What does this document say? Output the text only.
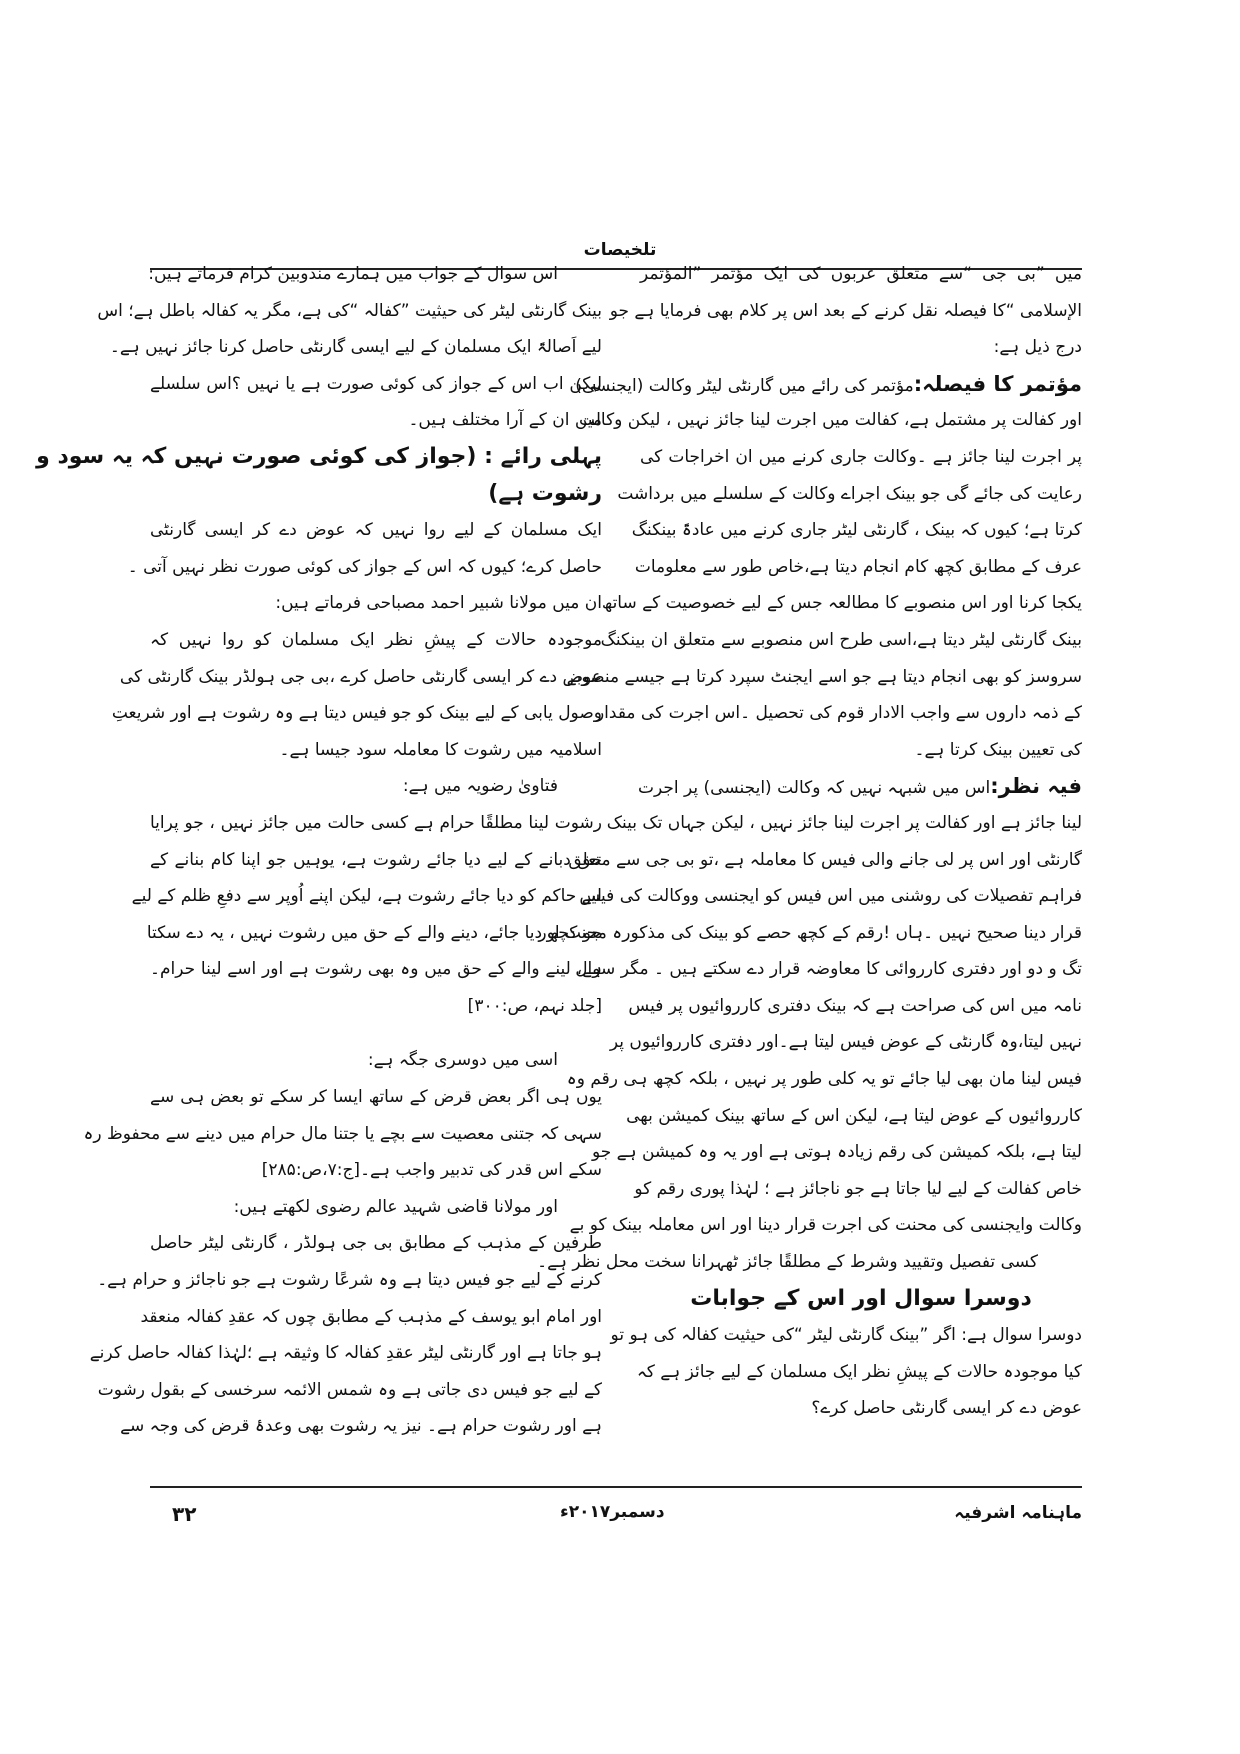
تلخیصات
میں ”بی جی “سے متعلق عربوں کی ایک مؤتمر ”المؤتمر
الإسلامی “کا فیصلہ نقل کرنے کے بعد اس پر کلام بھی فرمایا ہے جو
درج ذیل ہے:
مؤتمر کا فیصلہ:مؤتمر کی رائے میں گارنٹی لیٹر وکالت (ایجنسی)
اور کفالت پر مشتمل ہے، کفالت میں اجرت لینا جائز نہیں ، لیکن وکالت
پر اجرت لینا جائز ہے ۔وکالت جاری کرنے میں ان اخراجات کی
رعایت کی جائے گی جو بینک اجراے وکالت کے سلسلے میں برداشت
کرتا ہے؛ کیوں کہ بینک ، گارنٹی لیٹر جاری کرنے میں عادۃً بینکنگ
عرف کے مطابق کچھ کام انجام دیتا ہے،خاص طور سے معلومات
یکجا کرنا اور اس منصوبے کا مطالعہ جس کے لیے خصوصیت کے ساتھ
بینک گارنٹی لیٹر دیتا ہے،اسی طرح اس منصوبے سے متعلق ان بینکنگ
سروسز کو بھی انجام دیتا ہے جو اسے ایجنٹ سپرد کرتا ہے جیسے منصوبے
کے ذمہ داروں سے واجب الادار قوم کی تحصیل ۔اس اجرت کی مقدار
کی تعیین بینک کرتا ہے۔
فیہ نظر:اس میں شبہہ نہیں کہ وکالت (ایجنسی) پر اجرت
لینا جائز ہے اور کفالت پر اجرت لینا جائز نہیں ، لیکن جہاں تک بینک
گارنٹی اور اس پر لی جانے والی فیس کا معاملہ ہے ،تو بی جی سے متعلق
فراہم تفصیلات کی روشنی میں اس فیس کو ایجنسی ووکالت کی فیس
قرار دینا صحیح نہیں ۔ہاں !رقم کے کچھ حصے کو بینک کی مذکورہ محنت اور
تگ و دو اور دفتری کارروائی کا معاوضہ قرار دے سکتے ہیں ۔ مگر سوال
نامہ میں اس کی صراحت ہے کہ بینک دفتری کارروائیوں پر فیس
نہیں لیتا،وہ گارنٹی کے عوض فیس لیتا ہے۔اور دفتری کارروائیوں پر
فیس لینا مان بھی لیا جائے تو یہ کلی طور پر نہیں ، بلکہ کچھ ہی رقم وہ
کارروائیوں کے عوض لیتا ہے، لیکن اس کے ساتھ بینک کمیشن بھی
لیتا ہے، بلکہ کمیشن کی رقم زیادہ ہوتی ہے اور یہ وہ کمیشن ہے جو
خاص کفالت کے لیے لیا جاتا ہے جو ناجائز ہے ؛ لہٰذا پوری رقم کو
وکالت وایجنسی کی محنت کی اجرت قرار دینا اور اس معاملہ بینک کو بے
کسی تفصیل وتقیید وشرط کے مطلقًا جائز ٹھہرانا سخت محل نظر ہے۔
دوسرا سوال اور اس کے جوابات
دوسرا سوال ہے: اگر ”بینک گارنٹی لیٹر “کی حیثیت کفالہ کی ہو تو
کیا موجودہ حالات کے پیشِ نظر ایک مسلمان کے لیے جائز ہے کہ
عوض دے کر ایسی گارنٹی حاصل کرے؟
اس سوال کے جواب میں ہمارے مندوبین کرام فرماتے ہیں:
بینک گارنٹی لیٹر کی حیثیت ”کفالہ “کی ہے، مگر یہ کفالہ باطل ہے؛ اس
لیے اَصالۃً ایک مسلمان کے لیے ایسی گارنٹی حاصل کرنا جائز نہیں ہے۔
لیکن اب اس کے جواز کی کوئی صورت ہے یا نہیں ؟اس سلسلے
میں ان کے آرا مختلف ہیں۔
پہلی رائے : (جواز کی کوئی صورت نہیں کہ یہ سود و
رشوت ہے)
ایک مسلمان کے لیے روا نہیں کہ عوض دے کر ایسی گارنٹی
حاصل کرے؛ کیوں کہ اس کے جواز کی کوئی صورت نظر نہیں آتی ۔
ان میں مولانا شبیر احمد مصباحی فرماتے ہیں:
موجودہ حالات کے پیشِ نظر ایک مسلمان کو روا نہیں کہ
عوض دے کر ایسی گارنٹی حاصل کرے ،بی جی ہولڈر بینک گارنٹی کی
وصول یابی کے لیے بینک کو جو فیس دیتا ہے وہ رشوت ہے اور شریعتِ
اسلامیہ میں رشوت کا معاملہ سود جیسا ہے۔
فتاویٰ رضویہ میں ہے:
رشوت لینا مطلقًا حرام ہے کسی حالت میں جائز نہیں ، جو پرایا
حق دبانے کے لیے دیا جائے رشوت ہے، یوہیں جو اپنا کام بنانے کے
لیے حاکم کو دیا جائے رشوت ہے، لیکن اپنے اُوپر سے دفعِ ظلم کے لیے
جو کچھ دیا جائے، دینے والے کے حق میں رشوت نہیں ، یہ دے سکتا
ہے، لینے والے کے حق میں وہ بھی رشوت ہے اور اسے لینا حرام۔
[جلد نہم، ص:۳۰۰]
اسی میں دوسری جگہ ہے:
یوں ہی اگر بعض قرض کے ساتھ ایسا کر سکے تو بعض ہی سے
سہی کہ جتنی معصیت سے بچے یا جتنا مال حرام میں دینے سے محفوظ رہ
سکے اس قدر کی تدبیر واجب ہے۔[ج:۷،ص:۲۸۵]
اور مولانا قاضی شہید عالم رضوی لکھتے ہیں:
طرفین کے مذہب کے مطابق بی جی ہولڈر ، گارنٹی لیٹر حاصل
کرنے کے لیے جو فیس دیتا ہے وہ شرعًا رشوت ہے جو ناجائز و حرام ہے۔
اور امام ابو یوسف کے مذہب کے مطابق چوں کہ عقدِ کفالہ منعقد
ہو جاتا ہے اور گارنٹی لیٹر عقدِ کفالہ کا وثیقہ ہے ؛لہٰذا کفالہ حاصل کرنے
کے لیے جو فیس دی جاتی ہے وہ شمس الائمہ سرخسی کے بقول رشوت
ہے اور رشوت حرام ہے۔ نیز یہ رشوت بھی وعدۂ قرض کی وجہ سے
ماہنامہ اشرفیہ
دسمبر۲۰۱۷ء
۳۲
